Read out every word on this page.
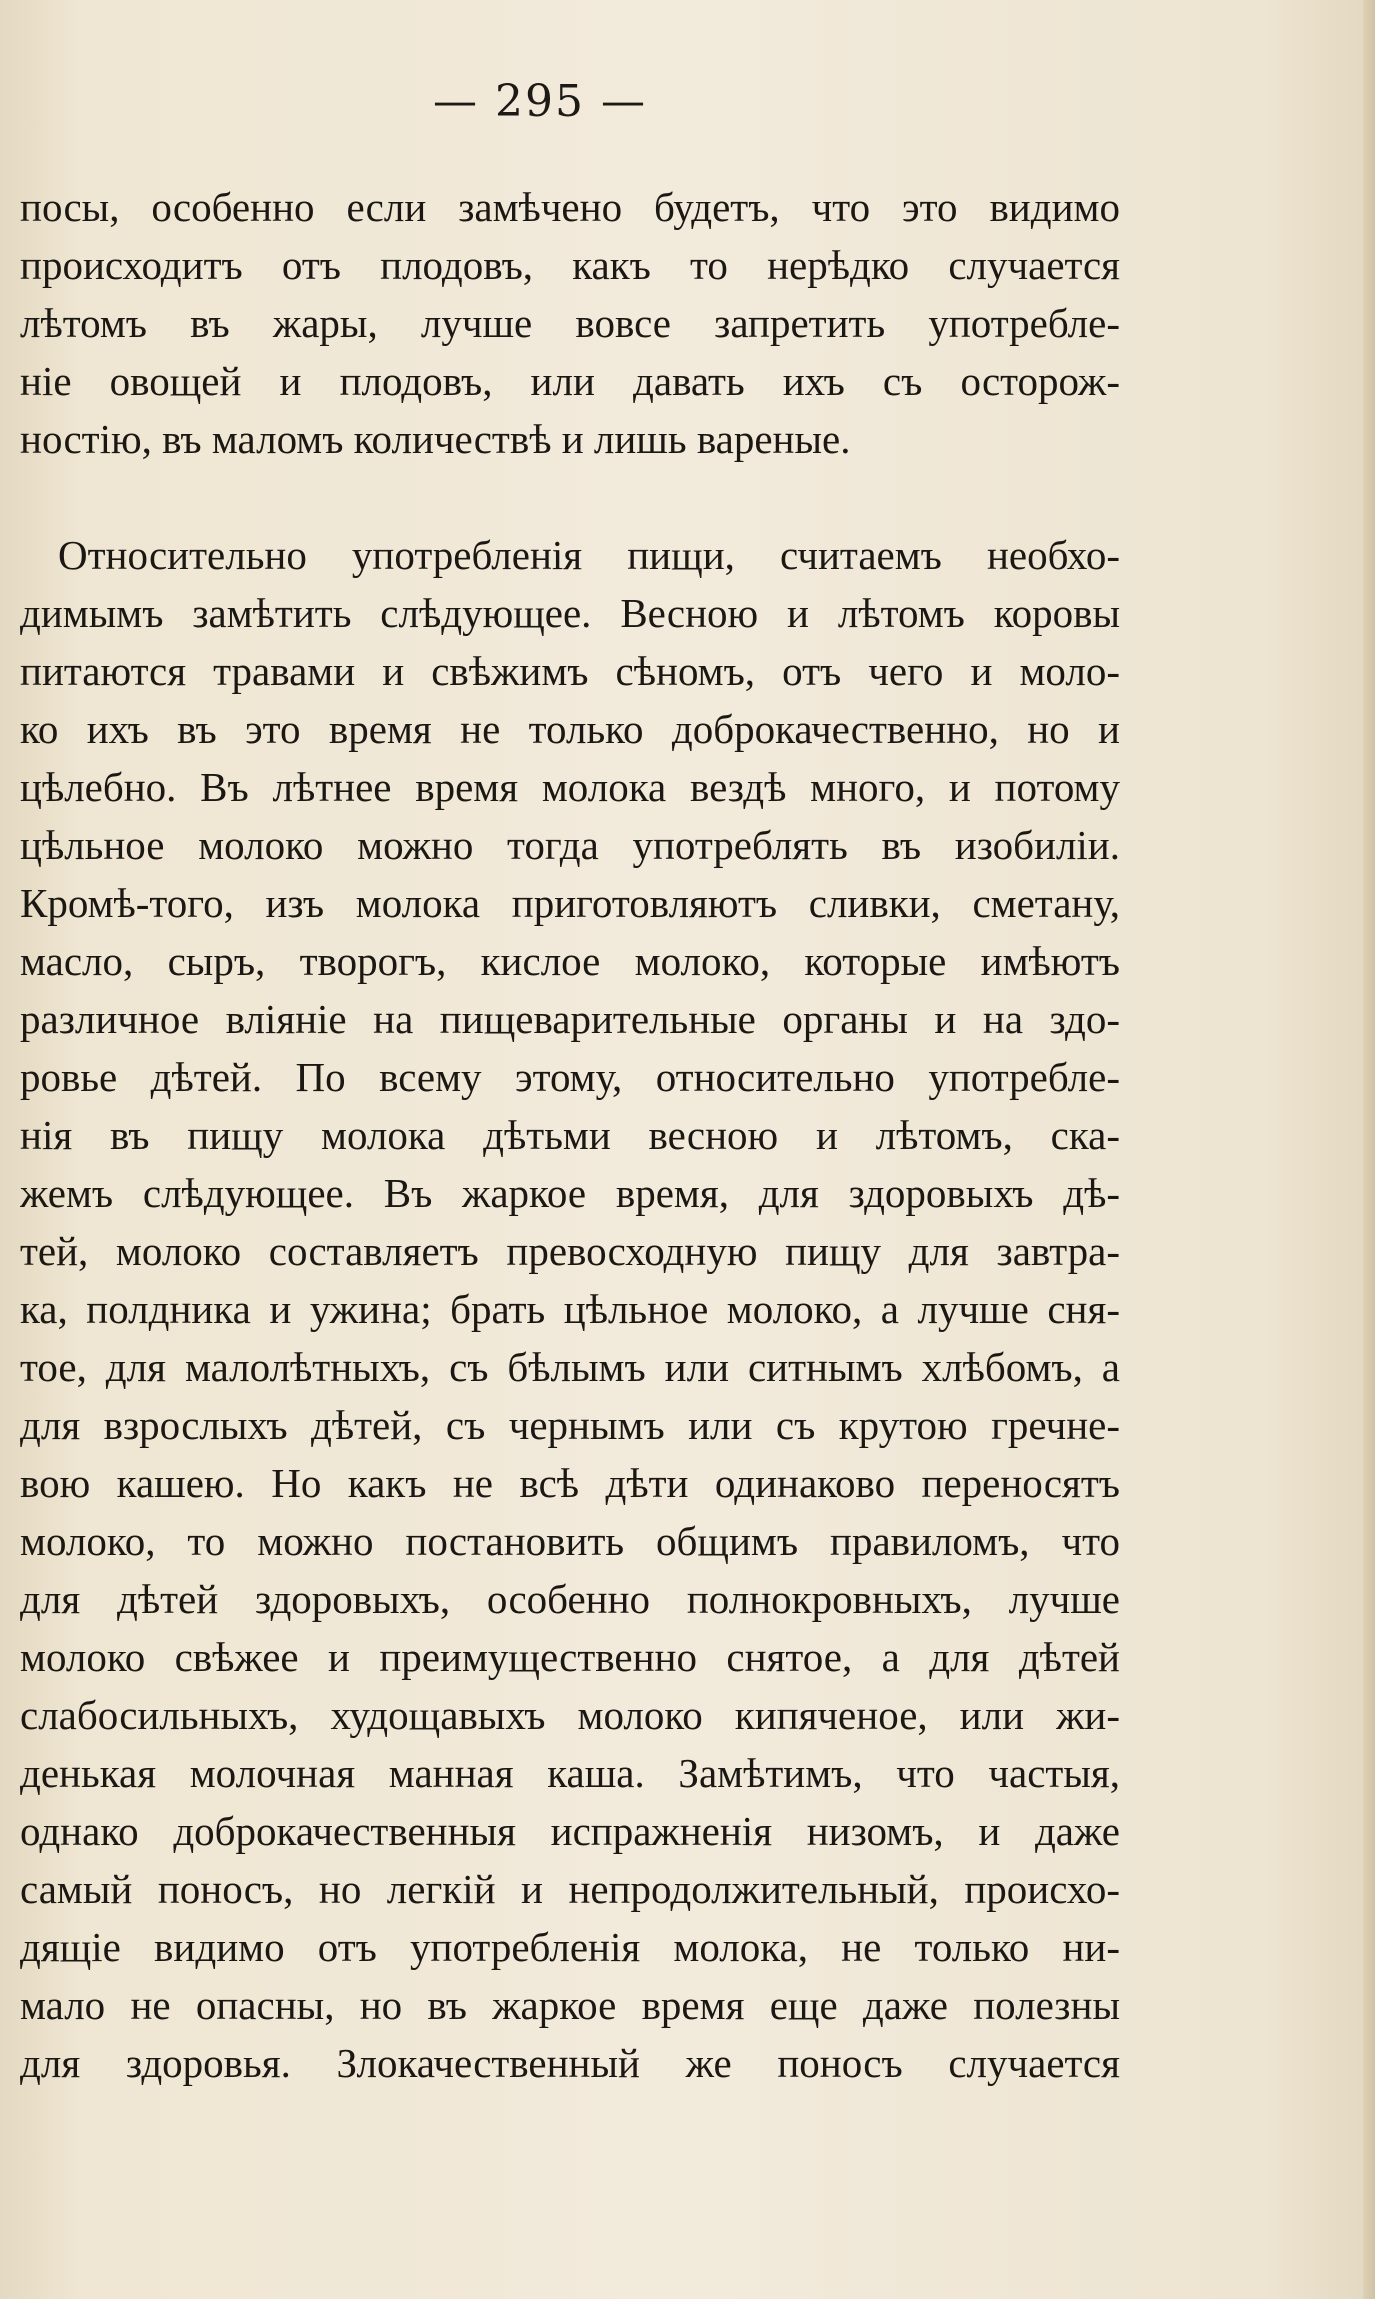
— 295 —
посы, особенно если замѣчено будетъ, что это видимо
происходитъ отъ плодовъ, какъ то нерѣдко случается
лѣтомъ въ жары, лучше вовсе запретить употребле-
ніе овощей и плодовъ, или давать ихъ съ осторож-
ностію, въ маломъ количествѣ и лишь вареные.
Относительно употребленія пищи, считаемъ необхо-
димымъ замѣтить слѣдующее. Весною и лѣтомъ коровы
питаются травами и свѣжимъ сѣномъ, отъ чего и моло-
ко ихъ въ это время не только доброкачественно, но и
цѣлебно. Въ лѣтнее время молока вездѣ много, и потому
цѣльное молоко можно тогда употреблять въ изобиліи.
Кромѣ-того, изъ молока приготовляютъ сливки, сметану,
масло, сыръ, творогъ, кислое молоко, которые имѣютъ
различное вліяніе на пищеварительные органы и на здо-
ровье дѣтей. По всему этому, относительно употребле-
нія въ пищу молока дѣтьми весною и лѣтомъ, ска-
жемъ слѣдующее. Въ жаркое время, для здоровыхъ дѣ-
тей, молоко составляетъ превосходную пищу для завтра-
ка, полдника и ужина; брать цѣльное молоко, а лучше сня-
тое, для малолѣтныхъ, съ бѣлымъ или ситнымъ хлѣбомъ, а
для взрослыхъ дѣтей, съ чернымъ или съ крутою гречне-
вою кашею. Но какъ не всѣ дѣти одинаково переносятъ
молоко, то можно постановить общимъ правиломъ, что
для дѣтей здоровыхъ, особенно полнокровныхъ, лучше
молоко свѣжее и преимущественно снятое, а для дѣтей
слабосильныхъ, худощавыхъ молоко кипяченое, или жи-
денькая молочная манная каша. Замѣтимъ, что частыя,
однако доброкачественныя испражненія низомъ, и даже
самый поносъ, но легкій и непродолжительный, происхо-
дящіе видимо отъ употребленія молока, не только ни-
мало не опасны, но въ жаркое время еще даже полезны
для здоровья. Злокачественный же поносъ случается
